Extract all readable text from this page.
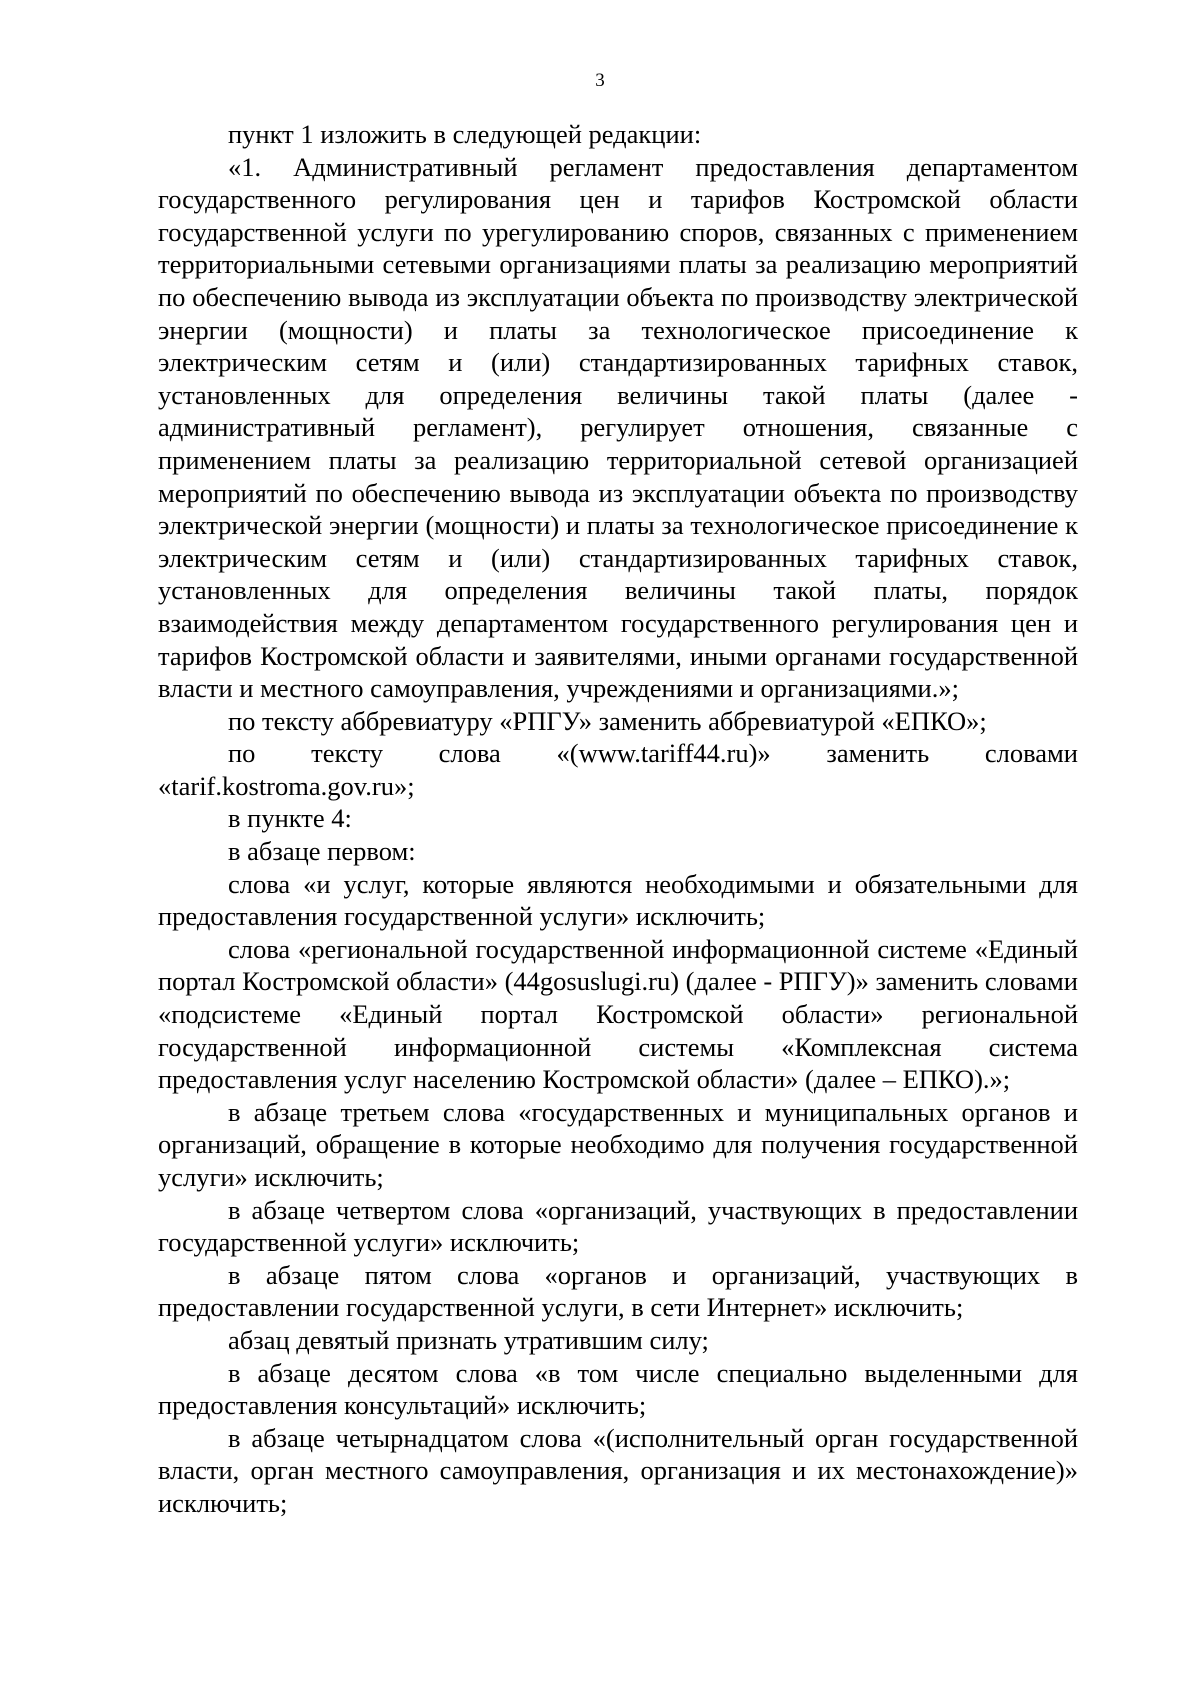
3

пункт 1 изложить в следующей редакции:

«1. Административный регламент предоставления департаментом государственного регулирования цен и тарифов Костромской области государственной услуги по урегулированию споров, связанных с применением территориальными сетевыми организациями платы за реализацию мероприятий по обеспечению вывода из эксплуатации объекта по производству электрической энергии (мощности) и платы за технологическое присоединение к электрическим сетям и (или) стандартизированных тарифных ставок, установленных для определения величины такой платы (далее - административный регламент), регулирует отношения, связанные с применением платы за реализацию территориальной сетевой организацией мероприятий по обеспечению вывода из эксплуатации объекта по производству электрической энергии (мощности) и платы за технологическое присоединение к электрическим сетям и (или) стандартизированных тарифных ставок, установленных для определения величины такой платы, порядок взаимодействия между департаментом государственного регулирования цен и тарифов Костромской области и заявителями, иными органами государственной власти и местного самоуправления, учреждениями и организациями.»;

по тексту аббревиатуру «РПГУ» заменить аббревиатурой «ЕПКО»;

по тексту слова «(www.tariff44.ru)» заменить словами «tarif.kostroma.gov.ru»;

в пункте 4:

в абзаце первом:

слова «и услуг, которые являются необходимыми и обязательными для предоставления государственной услуги» исключить;

слова «региональной государственной информационной системе «Единый портал Костромской области» (44gosuslugi.ru) (далее - РПГУ)» заменить словами «подсистеме «Единый портал Костромской области» региональной государственной информационной системы «Комплексная система предоставления услуг населению Костромской области» (далее – ЕПКО).»;

в абзаце третьем слова «государственных и муниципальных органов и организаций, обращение в которые необходимо для получения государственной услуги» исключить;

в абзаце четвертом слова «организаций, участвующих в предоставлении государственной услуги» исключить;

в абзаце пятом слова «органов и организаций, участвующих в предоставлении государственной услуги, в сети Интернет» исключить;

абзац девятый признать утратившим силу;

в абзаце десятом слова «в том числе специально выделенными для предоставления консультаций» исключить;

в абзаце четырнадцатом слова «(исполнительный орган государственной власти, орган местного самоуправления, организация и их местонахождение)» исключить;
